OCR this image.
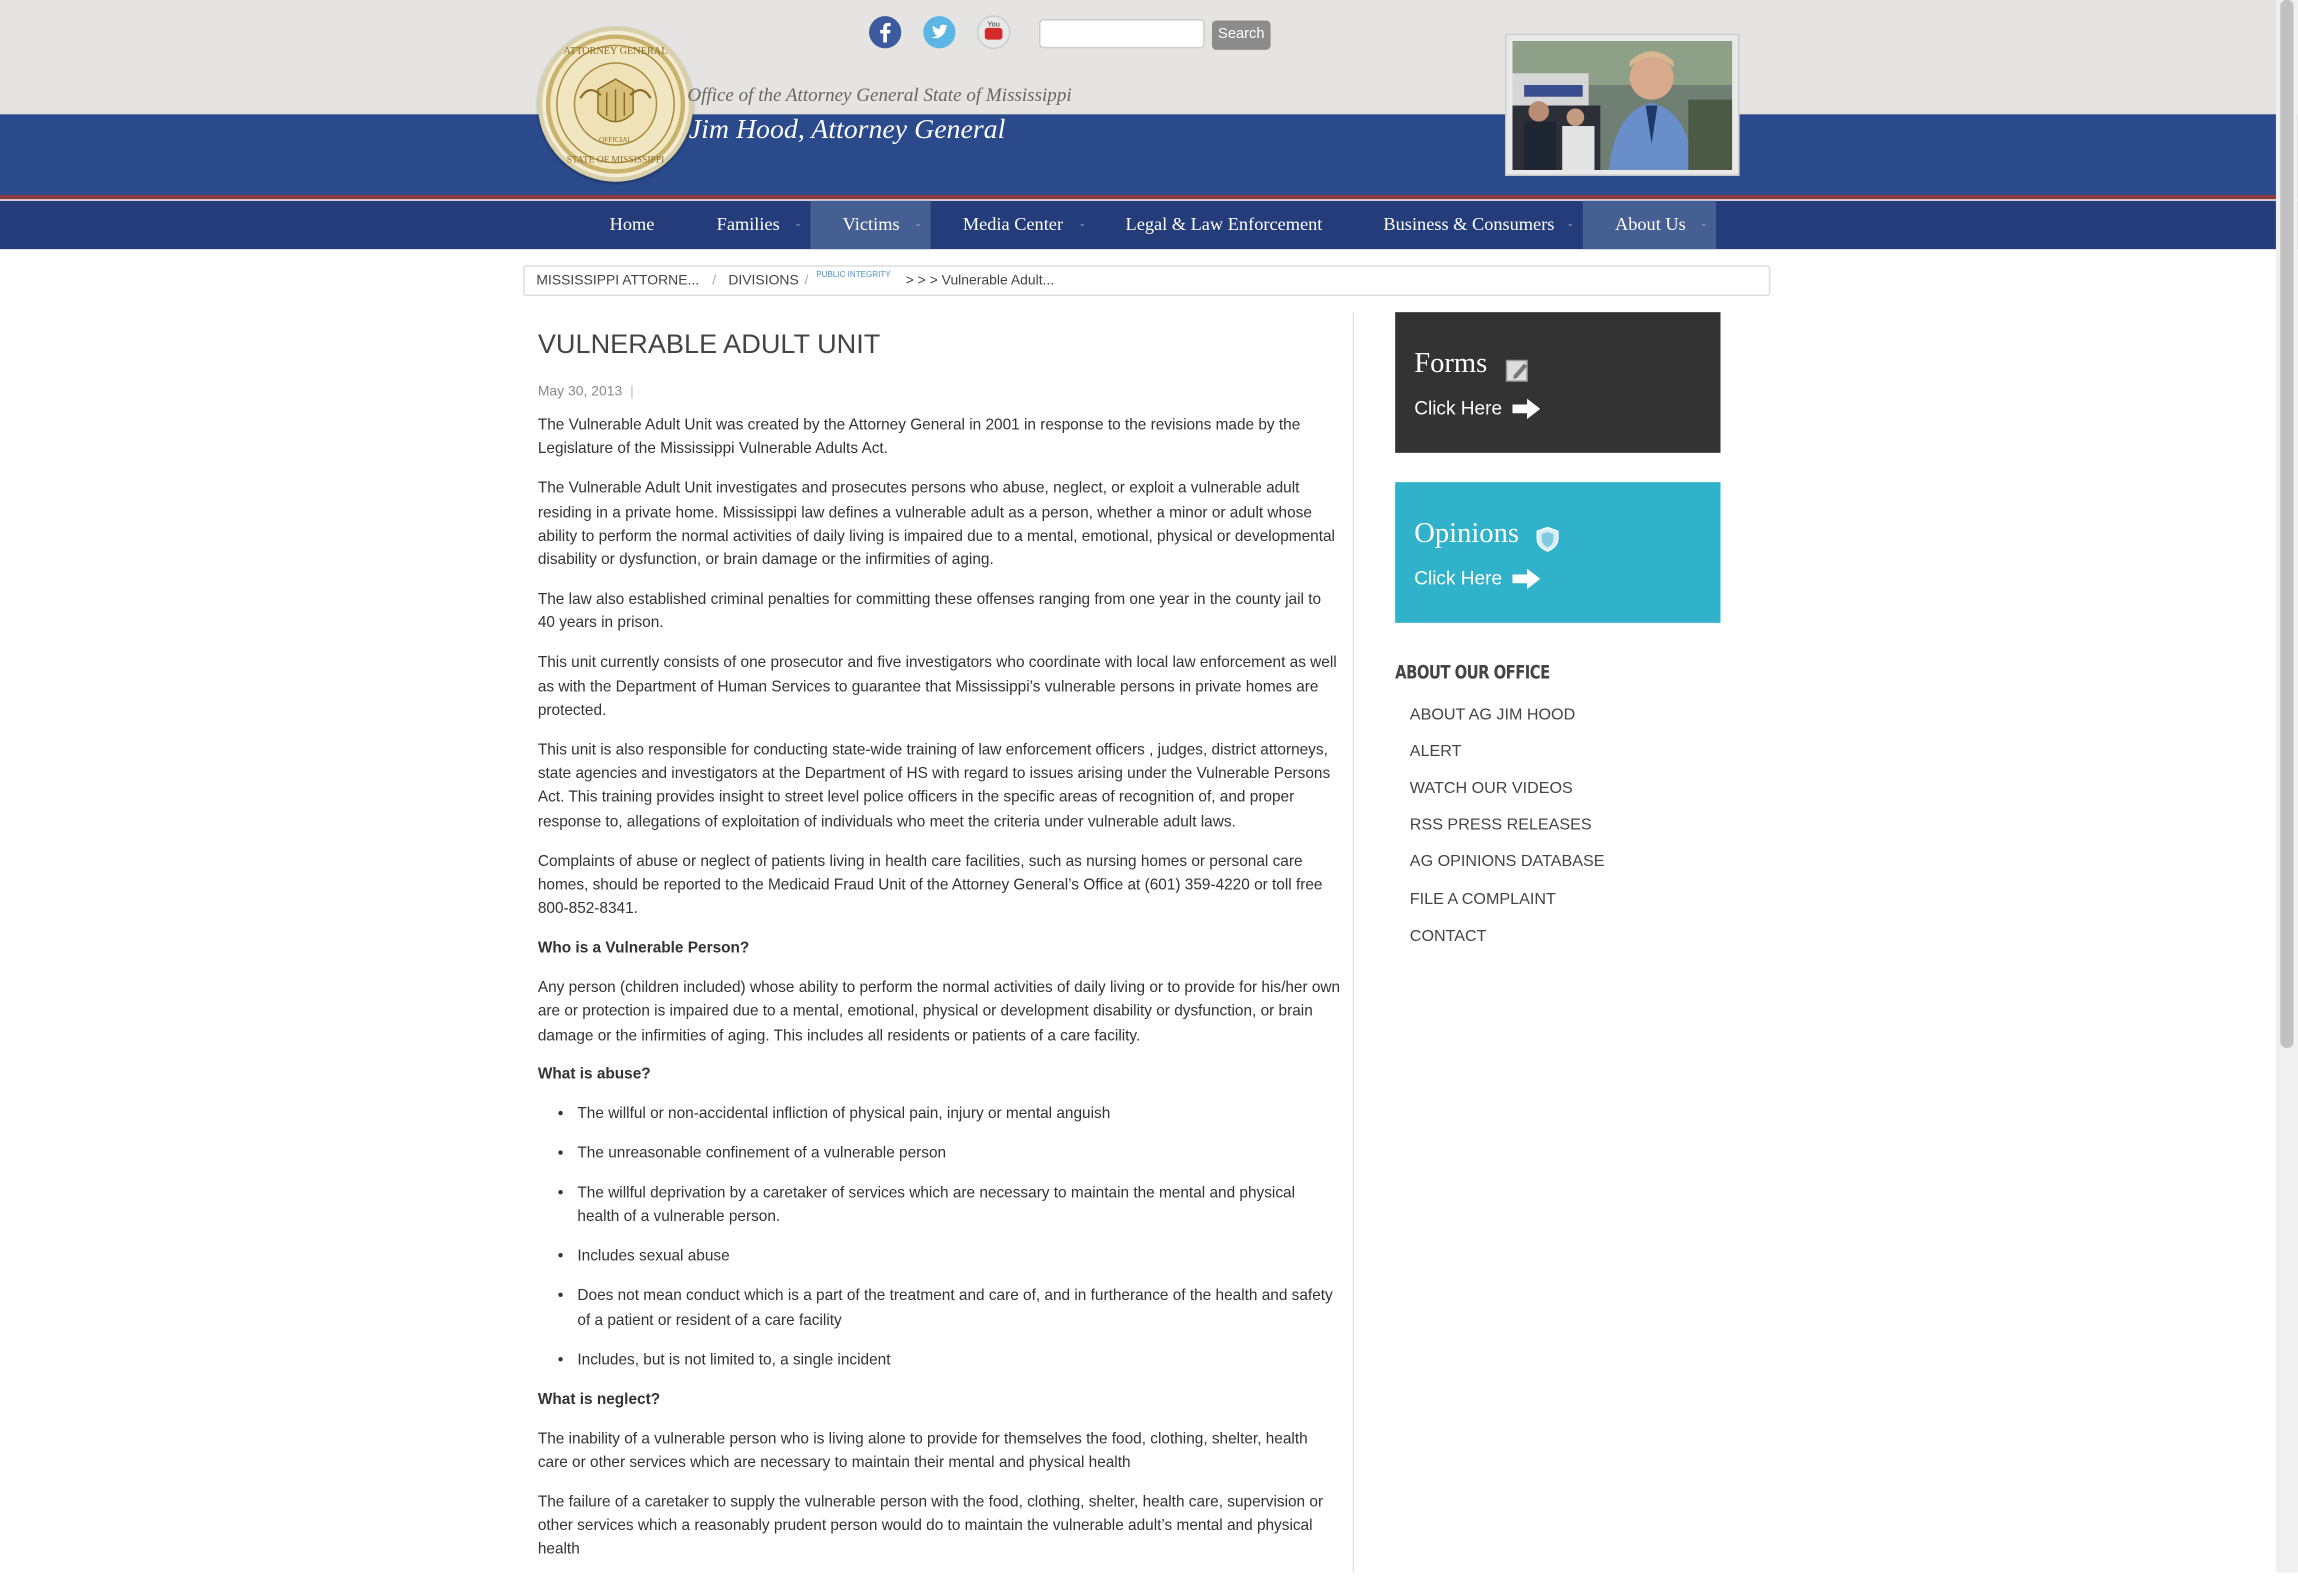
ATTORNEY GENERAL
STATE OF MISSISSIPPI
OFFICIAL
Office of the Attorney General State of Mississippi
Jim Hood, Attorney General
You
Search
Home	Families -	Victims -	Media Center -	Legal & Law Enforcement	Business & Consumers -	About Us -
MISSISSIPPI ATTORNE... / DIVISIONS / PUBLIC INTEGRITY > > > Vulnerable Adult...
VULNERABLE ADULT UNIT
May 30, 2013 |

The Vulnerable Adult Unit was created by the Attorney General in 2001 in response to the revisions made by the Legislature of the Mississippi Vulnerable Adults Act.

The Vulnerable Adult Unit investigates and prosecutes persons who abuse, neglect, or exploit a vulnerable adult residing in a private home. Mississippi law defines a vulnerable adult as a person, whether a minor or adult whose ability to perform the normal activities of daily living is impaired due to a mental, emotional, physical or developmental disability or dysfunction, or brain damage or the infirmities of aging.

The law also established criminal penalties for committing these offenses ranging from one year in the county jail to 40 years in prison.

This unit currently consists of one prosecutor and five investigators who coordinate with local law enforcement as well as with the Department of Human Services to guarantee that Mississippi’s vulnerable persons in private homes are protected.

This unit is also responsible for conducting state-wide training of law enforcement officers , judges, district attorneys, state agencies and investigators at the Department of HS with regard to issues arising under the Vulnerable Persons Act. This training provides insight to street level police officers in the specific areas of recognition of, and proper response to, allegations of exploitation of individuals who meet the criteria under vulnerable adult laws.

Complaints of abuse or neglect of patients living in health care facilities, such as nursing homes or personal care homes, should be reported to the Medicaid Fraud Unit of the Attorney General’s Office at (601) 359-4220 or toll free 800-852-8341.

Who is a Vulnerable Person?

Any person (children included) whose ability to perform the normal activities of daily living or to provide for his/her own are or protection is impaired due to a mental, emotional, physical or development disability or dysfunction, or brain damage or the infirmities of aging. This includes all residents or patients of a care facility.

What is abuse?
• The willful or non-accidental infliction of physical pain, injury or mental anguish
• The unreasonable confinement of a vulnerable person
• The willful deprivation by a caretaker of services which are necessary to maintain the mental and physical health of a vulnerable person.
• Includes sexual abuse
• Does not mean conduct which is a part of the treatment and care of, and in furtherance of the health and safety of a patient or resident of a care facility
• Includes, but is not limited to, a single incident
What is neglect?

The inability of a vulnerable person who is living alone to provide for themselves the food, clothing, shelter, health care or other services which are necessary to maintain their mental and physical health

The failure of a caretaker to supply the vulnerable person with the food, clothing, shelter, health care, supervision or other services which a reasonably prudent person would do to maintain the vulnerable adult’s mental and physical health

Forms
Click Here
Opinions
Click Here
ABOUT OUR OFFICE
ABOUT AG JIM HOOD
ALERT
WATCH OUR VIDEOS
RSS PRESS RELEASES
AG OPINIONS DATABASE
FILE A COMPLAINT
CONTACT
